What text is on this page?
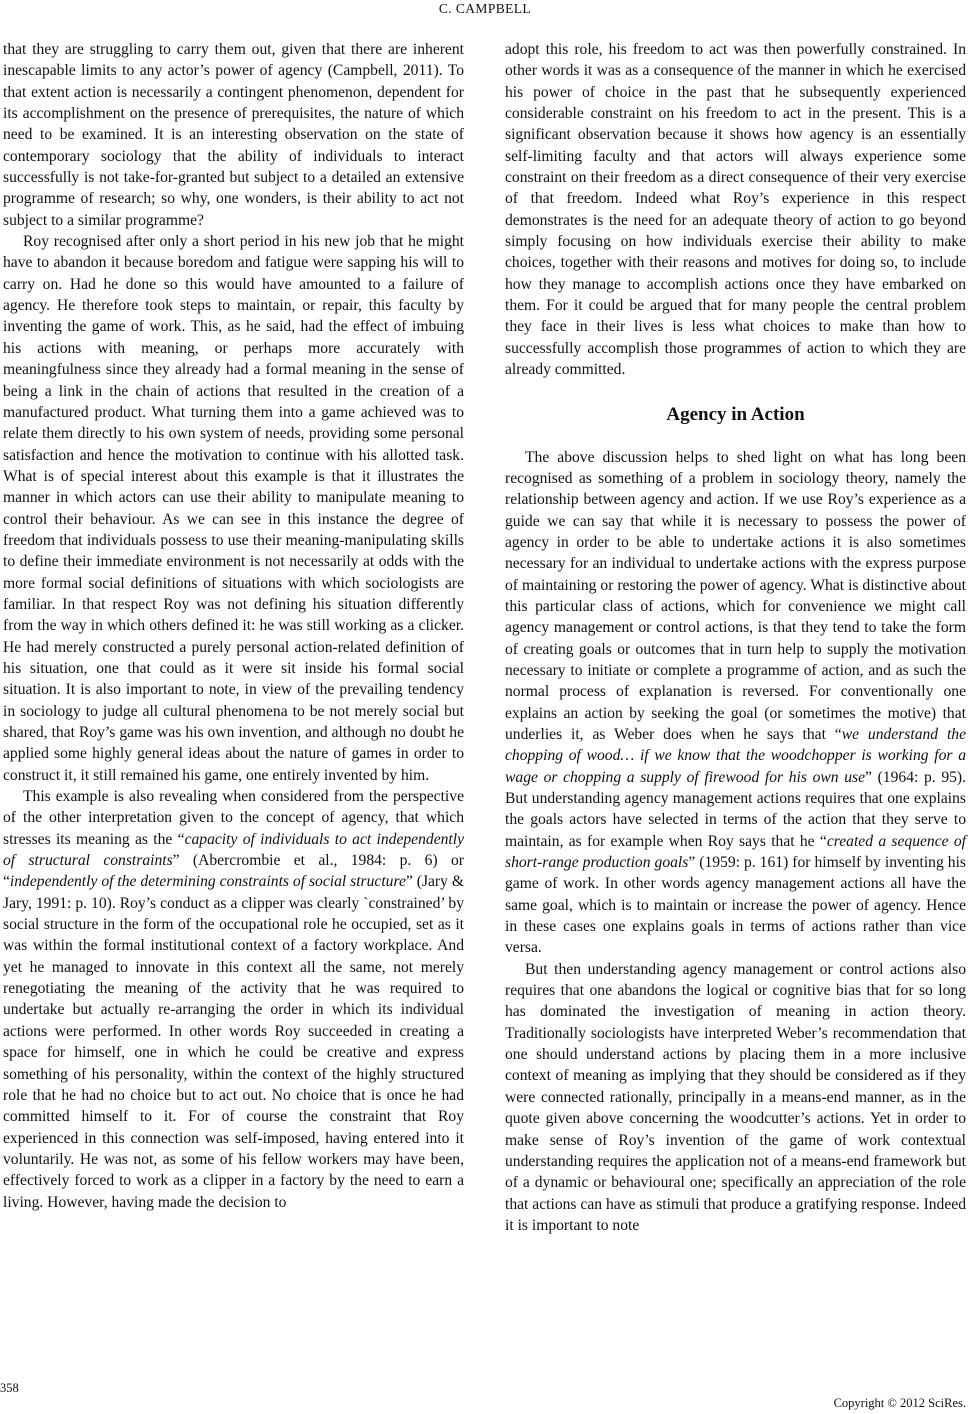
C. CAMPBELL

that they are struggling to carry them out, given that there are inherent inescapable limits to any actor’s power of agency (Campbell, 2011). To that extent action is necessarily a contingent phenomenon, dependent for its accomplishment on the presence of prerequisites, the nature of which need to be examined. It is an interesting observation on the state of contemporary sociology that the ability of individuals to interact successfully is not take-for-granted but subject to a detailed an extensive programme of research; so why, one wonders, is their ability to act not subject to a similar programme?

Roy recognised after only a short period in his new job that he might have to abandon it because boredom and fatigue were sapping his will to carry on. Had he done so this would have amounted to a failure of agency. He therefore took steps to maintain, or repair, this faculty by inventing the game of work. This, as he said, had the effect of imbuing his actions with meaning, or perhaps more accurately with meaningfulness since they already had a formal meaning in the sense of being a link in the chain of actions that resulted in the creation of a manufactured product. What turning them into a game achieved was to relate them directly to his own system of needs, providing some personal satisfaction and hence the motivation to continue with his allotted task. What is of special interest about this example is that it illustrates the manner in which actors can use their ability to manipulate meaning to control their behaviour. As we can see in this instance the degree of freedom that individuals possess to use their meaning-manipulating skills to define their immediate environment is not necessarily at odds with the more formal social definitions of situations with which sociologists are familiar. In that respect Roy was not defining his situation differently from the way in which others defined it: he was still working as a clicker. He had merely constructed a purely personal action-related definition of his situation, one that could as it were sit inside his formal social situation. It is also important to note, in view of the prevailing tendency in sociology to judge all cultural phenomena to be not merely social but shared, that Roy’s game was his own invention, and although no doubt he applied some highly general ideas about the nature of games in order to construct it, it still remained his game, one entirely invented by him.

This example is also revealing when considered from the perspective of the other interpretation given to the concept of agency, that which stresses its meaning as the “capacity of individuals to act independently of structural constraints” (Abercrombie et al., 1984: p. 6) or “independently of the determining constraints of social structure” (Jary & Jary, 1991: p. 10). Roy’s conduct as a clipper was clearly `constrained’ by social structure in the form of the occupational role he occupied, set as it was within the formal institutional context of a factory workplace. And yet he managed to innovate in this context all the same, not merely renegotiating the meaning of the activity that he was required to undertake but actually re-arranging the order in which its individual actions were performed. In other words Roy succeeded in creating a space for himself, one in which he could be creative and express something of his personality, within the context of the highly structured role that he had no choice but to act out. No choice that is once he had committed himself to it. For of course the constraint that Roy experienced in this connection was self-imposed, having entered into it voluntarily. He was not, as some of his fellow workers may have been, effectively forced to work as a clipper in a factory by the need to earn a living. However, having made the decision to

adopt this role, his freedom to act was then powerfully constrained. In other words it was as a consequence of the manner in which he exercised his power of choice in the past that he subsequently experienced considerable constraint on his freedom to act in the present. This is a significant observation because it shows how agency is an essentially self-limiting faculty and that actors will always experience some constraint on their freedom as a direct consequence of their very exercise of that freedom. Indeed what Roy’s experience in this respect demonstrates is the need for an adequate theory of action to go beyond simply focusing on how individuals exercise their ability to make choices, together with their reasons and motives for doing so, to include how they manage to accomplish actions once they have embarked on them. For it could be argued that for many people the central problem they face in their lives is less what choices to make than how to successfully accomplish those programmes of action to which they are already committed.

Agency in Action

The above discussion helps to shed light on what has long been recognised as something of a problem in sociology theory, namely the relationship between agency and action. If we use Roy’s experience as a guide we can say that while it is necessary to possess the power of agency in order to be able to undertake actions it is also sometimes necessary for an individual to undertake actions with the express purpose of maintaining or restoring the power of agency. What is distinctive about this particular class of actions, which for convenience we might call agency management or control actions, is that they tend to take the form of creating goals or outcomes that in turn help to supply the motivation necessary to initiate or complete a programme of action, and as such the normal process of explanation is reversed. For conventionally one explains an action by seeking the goal (or sometimes the motive) that underlies it, as Weber does when he says that “we understand the chopping of wood… if we know that the woodchopper is working for a wage or chopping a supply of firewood for his own use” (1964: p. 95). But understanding agency management actions requires that one explains the goals actors have selected in terms of the action that they serve to maintain, as for example when Roy says that he “created a sequence of short-range production goals” (1959: p. 161) for himself by inventing his game of work. In other words agency management actions all have the same goal, which is to maintain or increase the power of agency. Hence in these cases one explains goals in terms of actions rather than vice versa.

But then understanding agency management or control actions also requires that one abandons the logical or cognitive bias that for so long has dominated the investigation of meaning in action theory. Traditionally sociologists have interpreted Weber’s recommendation that one should understand actions by placing them in a more inclusive context of meaning as implying that they should be considered as if they were connected rationally, principally in a means-end manner, as in the quote given above concerning the woodcutter’s actions. Yet in order to make sense of Roy’s invention of the game of work contextual understanding requires the application not of a means-end framework but of a dynamic or behavioural one; specifically an appreciation of the role that actions can have as stimuli that produce a gratifying response. Indeed it is important to note

358
Copyright © 2012 SciRes.
